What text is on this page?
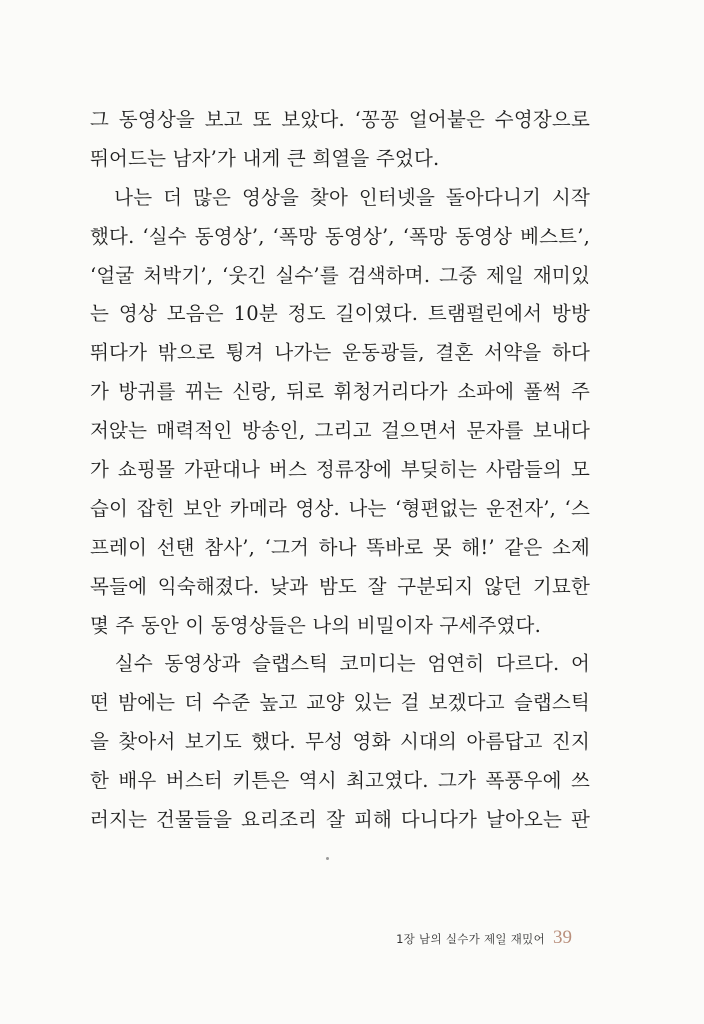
그 동영상을 보고 또 보았다. ‘꽁꽁 얼어붙은 수영장으로
뛰어드는 남자’가 내게 큰 희열을 주었다.
　나는 더 많은 영상을 찾아 인터넷을 돌아다니기 시작
했다. ‘실수 동영상’, ‘폭망 동영상’, ‘폭망 동영상 베스트’,
‘얼굴 처박기’, ‘웃긴 실수’를 검색하며. 그중 제일 재미있
는 영상 모음은 10분 정도 길이였다. 트램펄린에서 방방
뛰다가 밖으로 튕겨 나가는 운동광들, 결혼 서약을 하다
가 방귀를 뀌는 신랑, 뒤로 휘청거리다가 소파에 풀썩 주
저앉는 매력적인 방송인, 그리고 걸으면서 문자를 보내다
가 쇼핑몰 가판대나 버스 정류장에 부딪히는 사람들의 모
습이 잡힌 보안 카메라 영상. 나는 ‘형편없는 운전자’, ‘스
프레이 선탠 참사’, ‘그거 하나 똑바로 못 해!’ 같은 소제
목들에 익숙해졌다. 낮과 밤도 잘 구분되지 않던 기묘한
몇 주 동안 이 동영상들은 나의 비밀이자 구세주였다.
　실수 동영상과 슬랩스틱 코미디는 엄연히 다르다. 어
떤 밤에는 더 수준 높고 교양 있는 걸 보겠다고 슬랩스틱
을 찾아서 보기도 했다. 무성 영화 시대의 아름답고 진지
한 배우 버스터 키튼은 역시 최고였다. 그가 폭풍우에 쓰
러지는 건물들을 요리조리 잘 피해 다니다가 날아오는 판
1장 남의 실수가 제일 재밌어 39
